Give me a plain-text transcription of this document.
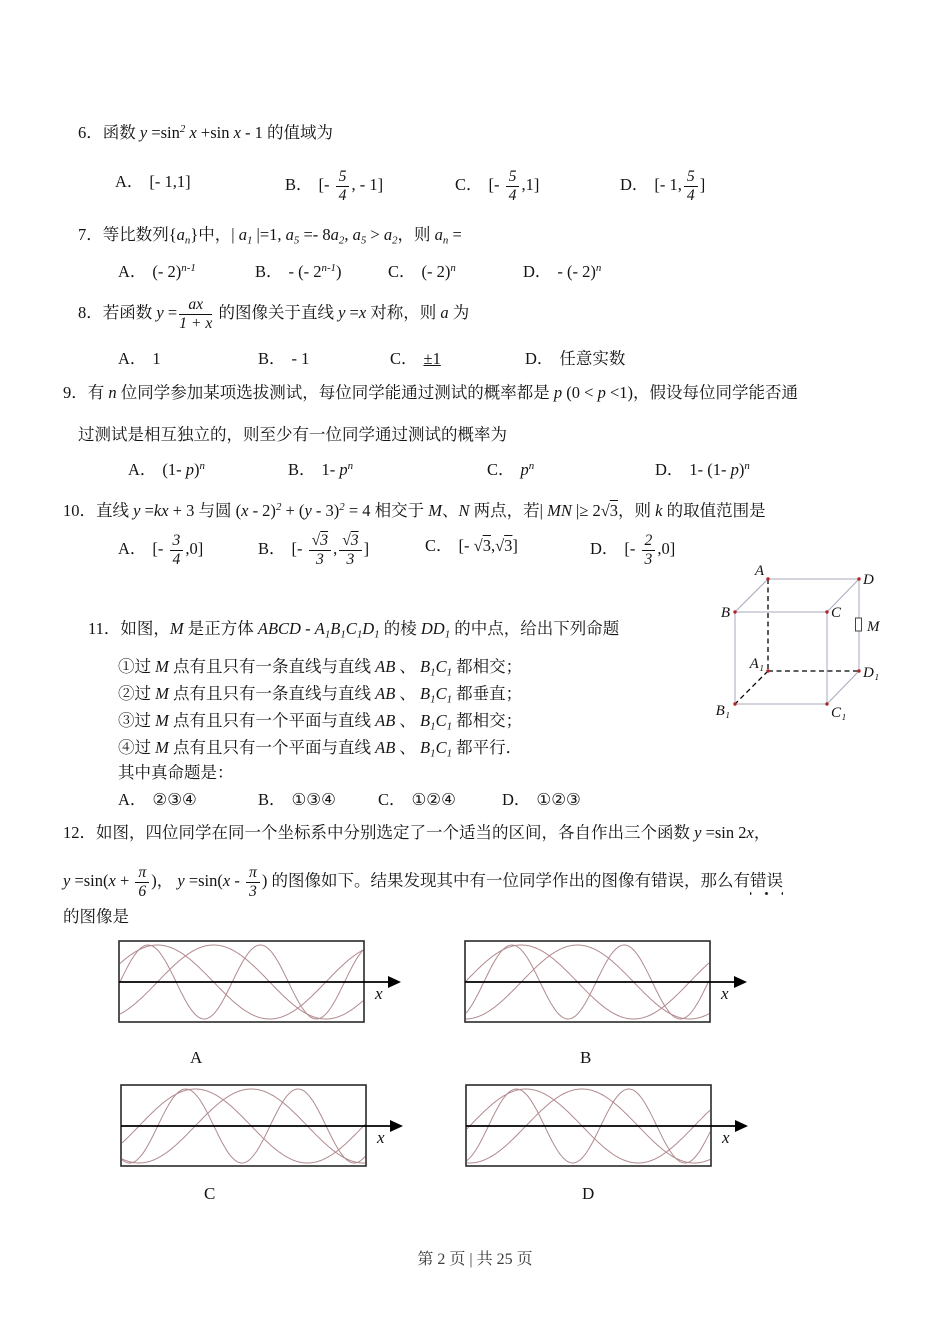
6．函数 $y =\sin^2$ x +sin x - 1 的值域为
A． [- 1,1]	B． [- $\frac{5}{4}$ , - 1]	C． [- $\frac{5}{4} ,1$]	D． [- 1, $\frac{5}{4}$ ]
7．等比数列{an}中，| a1 |=1, a5 =- 8a2, a5 > a2，则 an =
A． (- 2)$^{n-1}$	B． - (- 2$^{n-1}$)	C． (- 2)$^n$	D． - (- 2)$^n$
8．若函数 $y = \frac{ax}{1 + x}$ 的图像关于直线 y =x 对称，则 a 为
A． 1	B． - 1	C． ±1	D． 任意实数
9．有 n 位同学参加某项选拔测试，每位同学能通过测试的概率都是 p (0 < p <1)，假设每位同学能否通
过测试是相互独立的，则至少有一位同学通过测试的概率为
A． (1- p)$^n$	B． 1- $p^n$	C． $p^n$	D． 1- (1- p)$^n$
10．直线 y =kx + 3 与圆 (x - 2)$^2$ + (y - 3)$^2$ = 4 相交于 M、N 两点，若| MN |≥ 2√3，则 k 的取值范围是
A． [- $\frac{3}{4} ,0$]	B． [- $\frac{√3}{3}$ , $\frac{√3}{3}$ ]	C． [- √3,√3]	D． [- $\frac{2}{3} ,0$]
A
D
B	C
M
A₁
D₁
B₁	C₁
11．如图，M 是正方体 ABCD - A1B1C1D1 的棱 DD1 的中点，给出下列命题
①过 M 点有且只有一条直线与直线 AB 、 B1C1 都相交；
②过 M 点有且只有一条直线与直线 AB 、 B1C1 都垂直；
③过 M 点有且只有一个平面与直线 AB 、 B1C1 都相交；
④过 M 点有且只有一个平面与直线 AB 、 B1C1 都平行．
其中真命题是：
A． ②③④	B． ①③④	C． ①②④	D． ①②③
12．如图，四位同学在同一个坐标系中分别选定了一个适当的区间，各自作出三个函数 y =sin 2x，
$y =\sin(x + \frac{\pi}{6}$ )， $y =\sin(x - \frac{\pi}{3}$ ) 的图像如下。结果发现其中有一位同学作出的图像有错误，那么有错误
的图像是
x
A
x
B
x
C
x
D
第 2 页 | 共 25 页
